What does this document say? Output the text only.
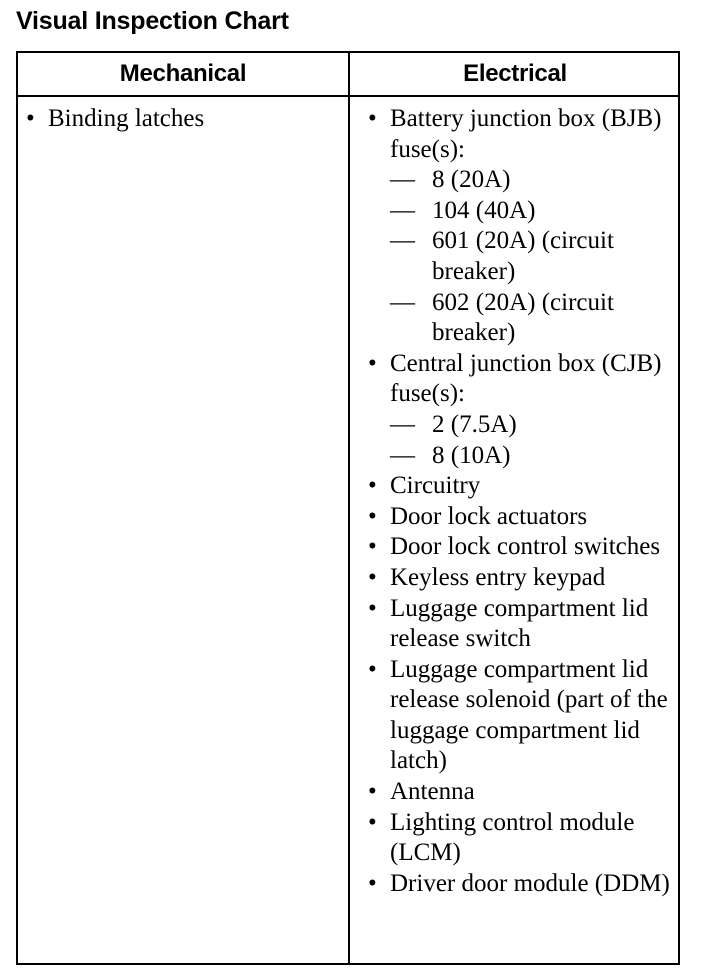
Visual Inspection Chart
Mechanical	Electrical
• Binding latches	• Battery junction box (BJB) fuse(s):
— 8 (20A)
— 104 (40A)
— 601 (20A) (circuit breaker)
— 602 (20A) (circuit breaker)
• Central junction box (CJB) fuse(s):
— 2 (7.5A)
— 8 (10A)
• Circuitry
• Door lock actuators
• Door lock control switches
• Keyless entry keypad
• Luggage compartment lid release switch
• Luggage compartment lid release solenoid (part of the luggage compartment lid latch)
• Antenna
• Lighting control module (LCM)
• Driver door module (DDM)
